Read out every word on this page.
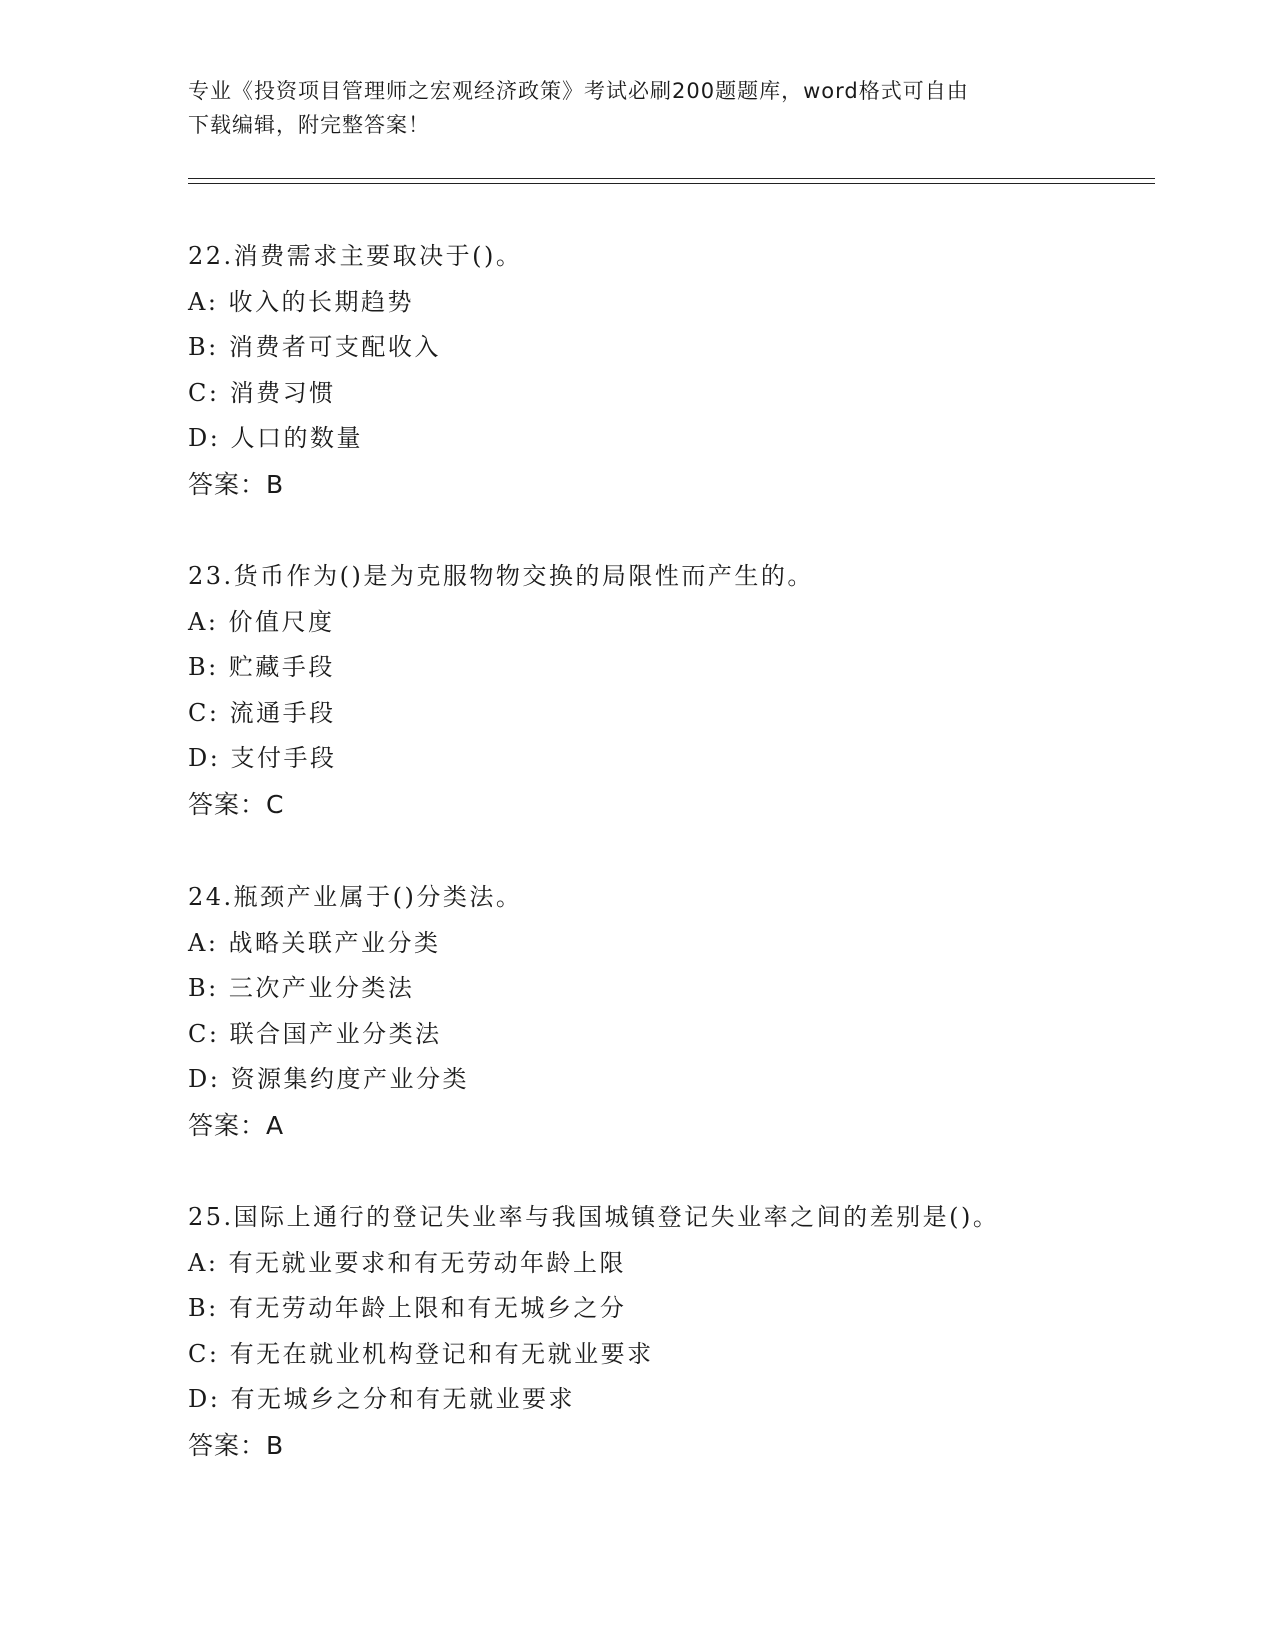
专业《投资项目管理师之宏观经济政策》考试必刷200题题库，word格式可自由
下载编辑，附完整答案！
22.消费需求主要取决于()。
A: 收入的长期趋势
B: 消费者可支配收入
C: 消费习惯
D: 人口的数量
答案：B
23.货币作为()是为克服物物交换的局限性而产生的。
A: 价值尺度
B: 贮藏手段
C: 流通手段
D: 支付手段
答案：C
24.瓶颈产业属于()分类法。
A: 战略关联产业分类
B: 三次产业分类法
C: 联合国产业分类法
D: 资源集约度产业分类
答案：A
25.国际上通行的登记失业率与我国城镇登记失业率之间的差别是()。
A: 有无就业要求和有无劳动年龄上限
B: 有无劳动年龄上限和有无城乡之分
C: 有无在就业机构登记和有无就业要求
D: 有无城乡之分和有无就业要求
答案：B
